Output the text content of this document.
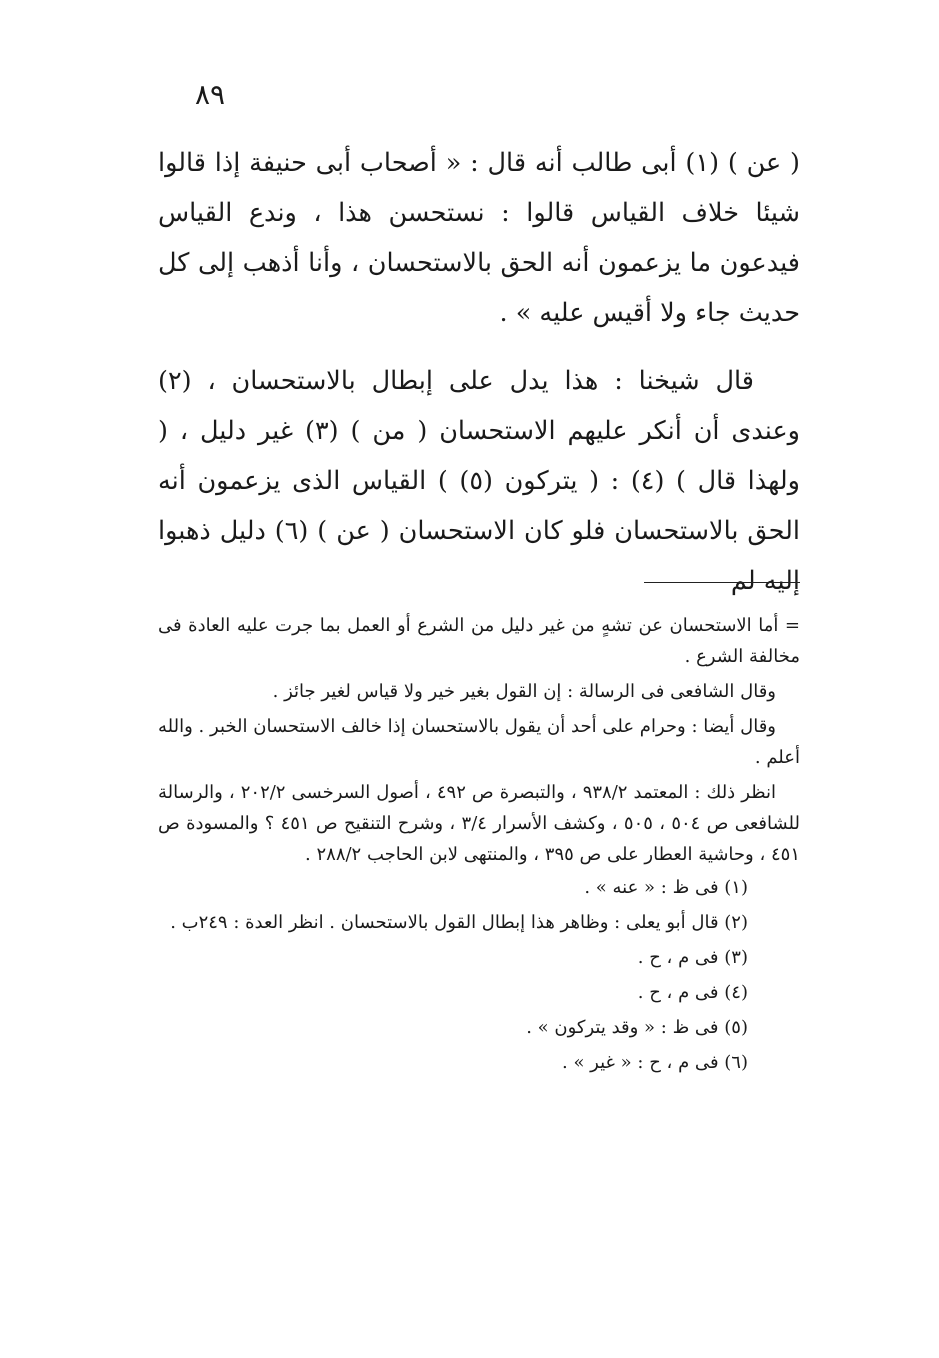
٨٩

( عن ) (١) أبى طالب أنه قال : « أصحاب أبى حنيفة إذا قالوا شيئا خلاف القياس قالوا : نستحسن هذا ، وندع القياس فيدعون ما يزعمون أنه الحق بالاستحسان ، وأنا أذهب إلى كل حديث جاء ولا أقيس عليه » .

قال شيخنا : هذا يدل على إبطال بالاستحسان ، (٢) وعندى أن أنكر عليهم الاستحسان ( من ) (٣) غير دليل ، ( ولهذا قال ) (٤) : ( يتركون (٥) ) القياس الذى يزعمون أنه الحق بالاستحسان فلو كان الاستحسان ( عن ) (٦) دليل ذهبوا إليه لم

= أما الاستحسان عن تشهٍ من غير دليل من الشرع أو العمل بما جرت عليه العادة فى مخالفة الشرع .

وقال الشافعى فى الرسالة : إن القول بغير خير ولا قياس لغير جائز .

وقال أيضا : وحرام على أحد أن يقول بالاستحسان إذا خالف الاستحسان الخبر . والله أعلم .

انظر ذلك : المعتمد ٩٣٨/٢ ، والتبصرة ص ٤٩٢ ، أصول السرخسى ٢٠٢/٢ ، والرسالة للشافعى ص ٥٠٤ ، ٥٠٥ ، وكشف الأسرار ٣/٤ ، وشرح التنقيح ص ٤٥١ ؟ والمسودة ص ٤٥١ ، وحاشية العطار على ص ٣٩٥ ، والمنتهى لابن الحاجب ٢٨٨/٢ .

(١) فى ظ : « عنه » .

(٢) قال أبو يعلى : وظاهر هذا إبطال القول بالاستحسان . انظر العدة : ٢٤٩ب .

(٣) فى م ، ح .

(٤) فى م ، ح .

(٥) فى ظ : « وقد يتركون » .

(٦) فى م ، ح : « غير » .
